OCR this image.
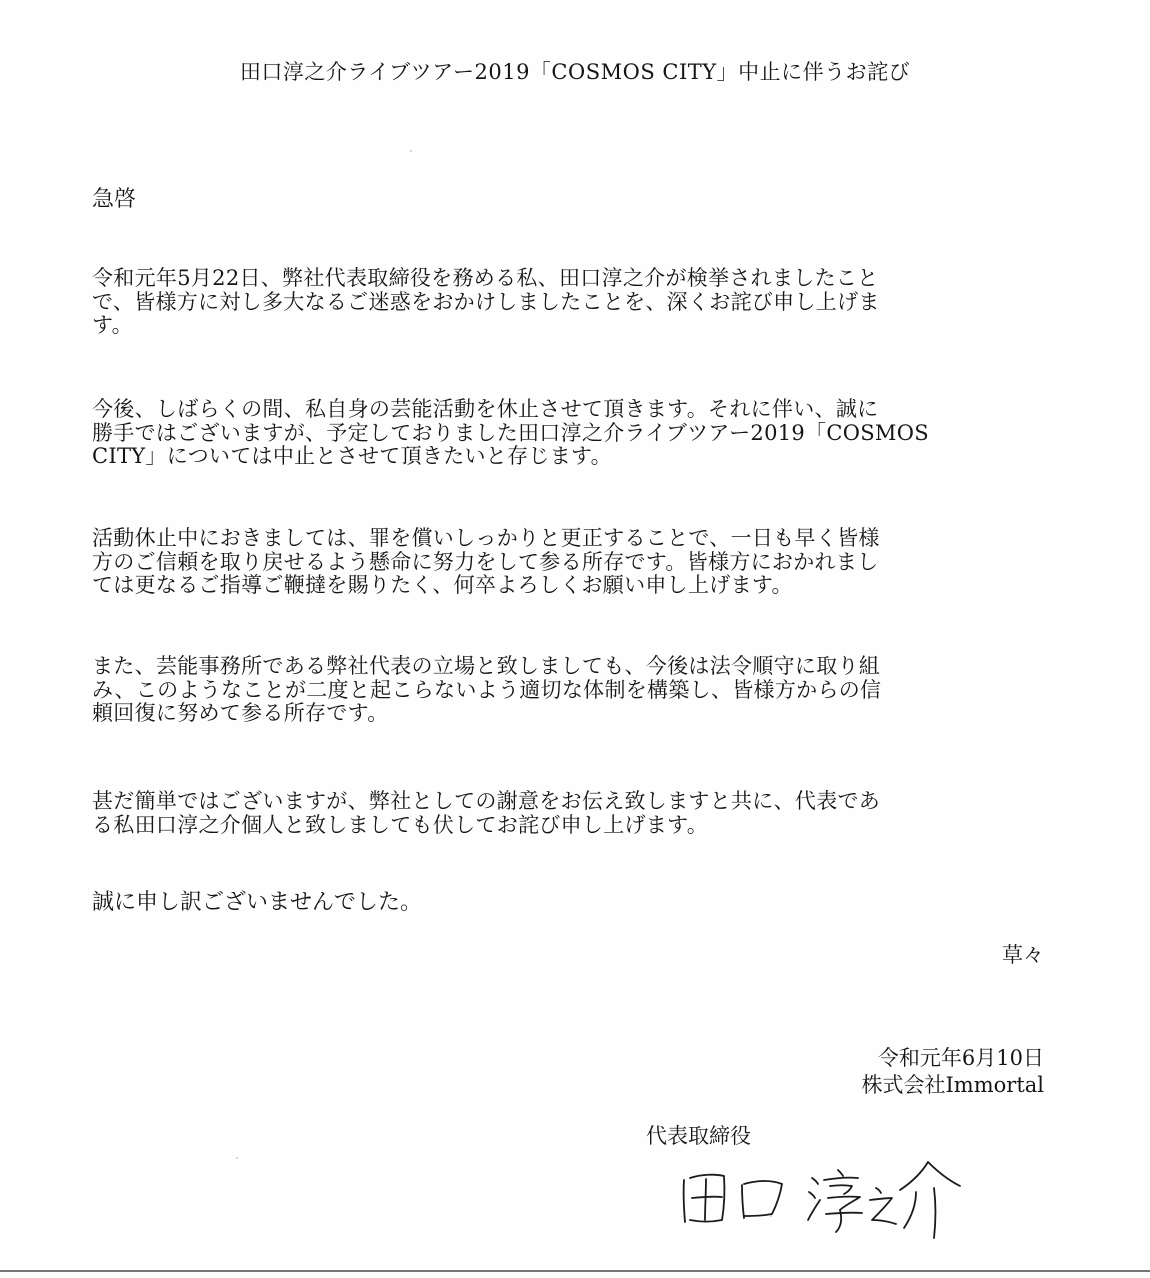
田口淳之介ライブツアー2019「COSMOS CITY」中止に伴うお詫び
急啓
令和元年5月22日、弊社代表取締役を務める私、田口淳之介が検挙されましたこと
で、皆様方に対し多大なるご迷惑をおかけしましたことを、深くお詫び申し上げま
す。
今後、しばらくの間、私自身の芸能活動を休止させて頂きます。それに伴い、誠に
勝手ではございますが、予定しておりました田口淳之介ライブツアー2019「COSMOS
CITY」については中止とさせて頂きたいと存じます。
活動休止中におきましては、罪を償いしっかりと更正することで、一日も早く皆様
方のご信頼を取り戻せるよう懸命に努力をして参る所存です。皆様方におかれまし
ては更なるご指導ご鞭撻を賜りたく、何卒よろしくお願い申し上げます。
また、芸能事務所である弊社代表の立場と致しましても、今後は法令順守に取り組
み、このようなことが二度と起こらないよう適切な体制を構築し、皆様方からの信
頼回復に努めて参る所存です。
甚だ簡単ではございますが、弊社としての謝意をお伝え致しますと共に、代表であ
る私田口淳之介個人と致しましても伏してお詫び申し上げます。
誠に申し訳ございませんでした。
草々
令和元年6月10日
株式会社Immortal
代表取締役
